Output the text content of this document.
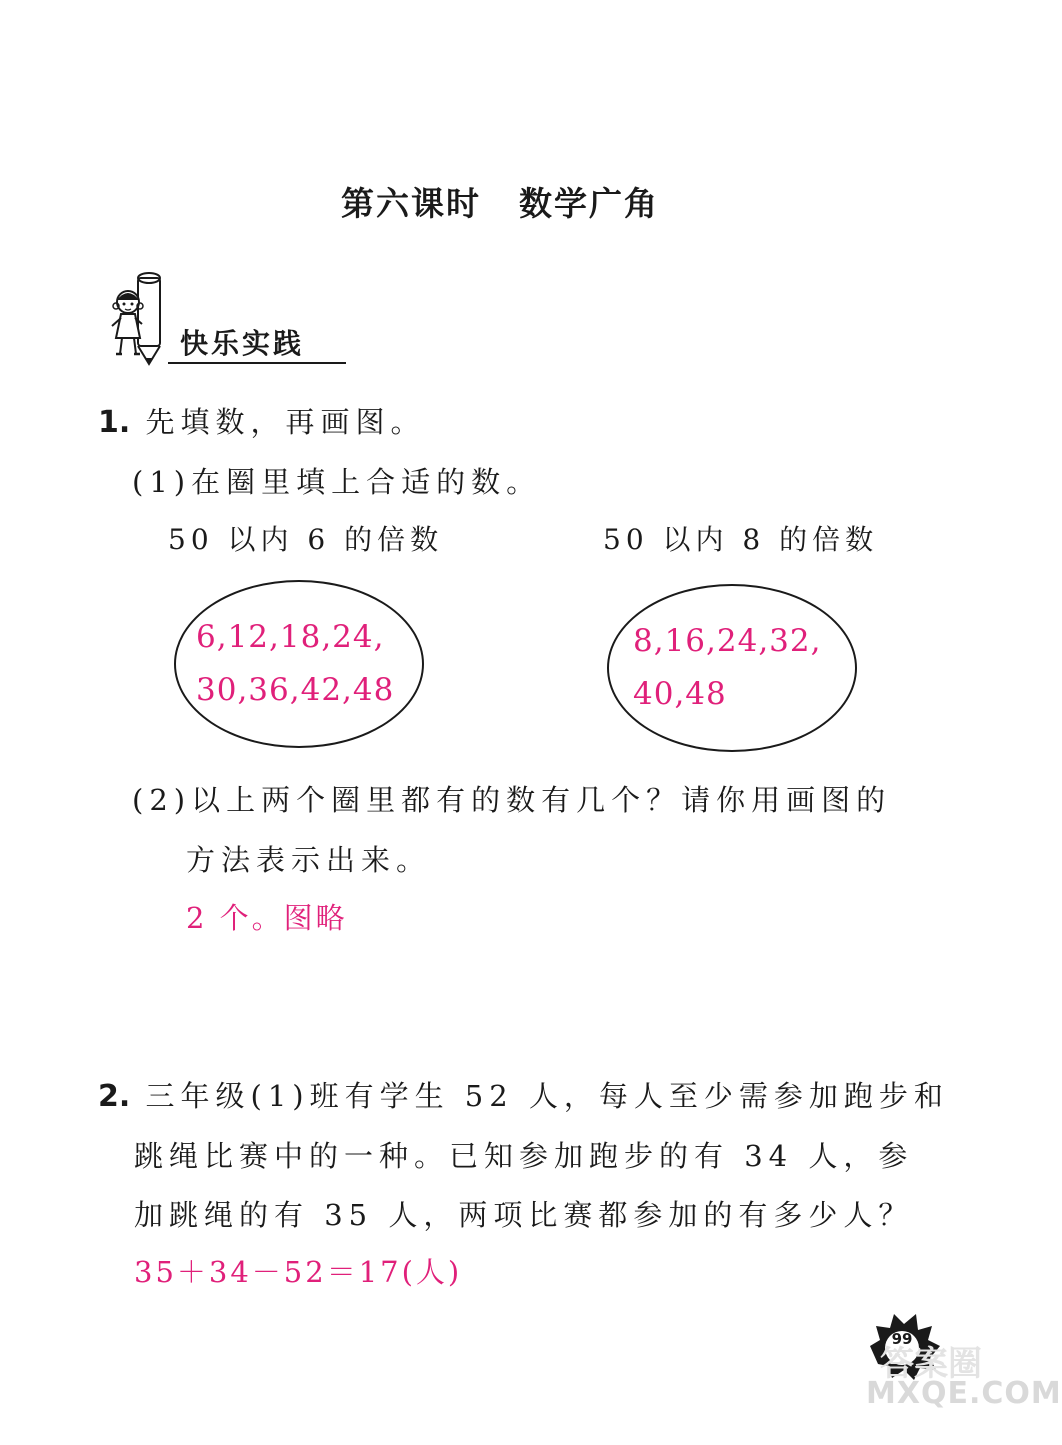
第六课时 数学广角
快乐实践
1. 先填数，再画图。
(1)在圈里填上合适的数。
50 以内 6 的倍数	50 以内 8 的倍数
6,12,18,24,
30,36,42,48
8,16,24,32,
40,48
(2)以上两个圈里都有的数有几个？请你用画图的
方法表示出来。
2 个。图略
2. 三年级(1)班有学生 52 人，每人至少需参加跑步和
跳绳比赛中的一种。已知参加跑步的有 34 人，参
加跳绳的有 35 人，两项比赛都参加的有多少人？
35＋34－52＝17(人)
99
答案圈
MXQE.COM
